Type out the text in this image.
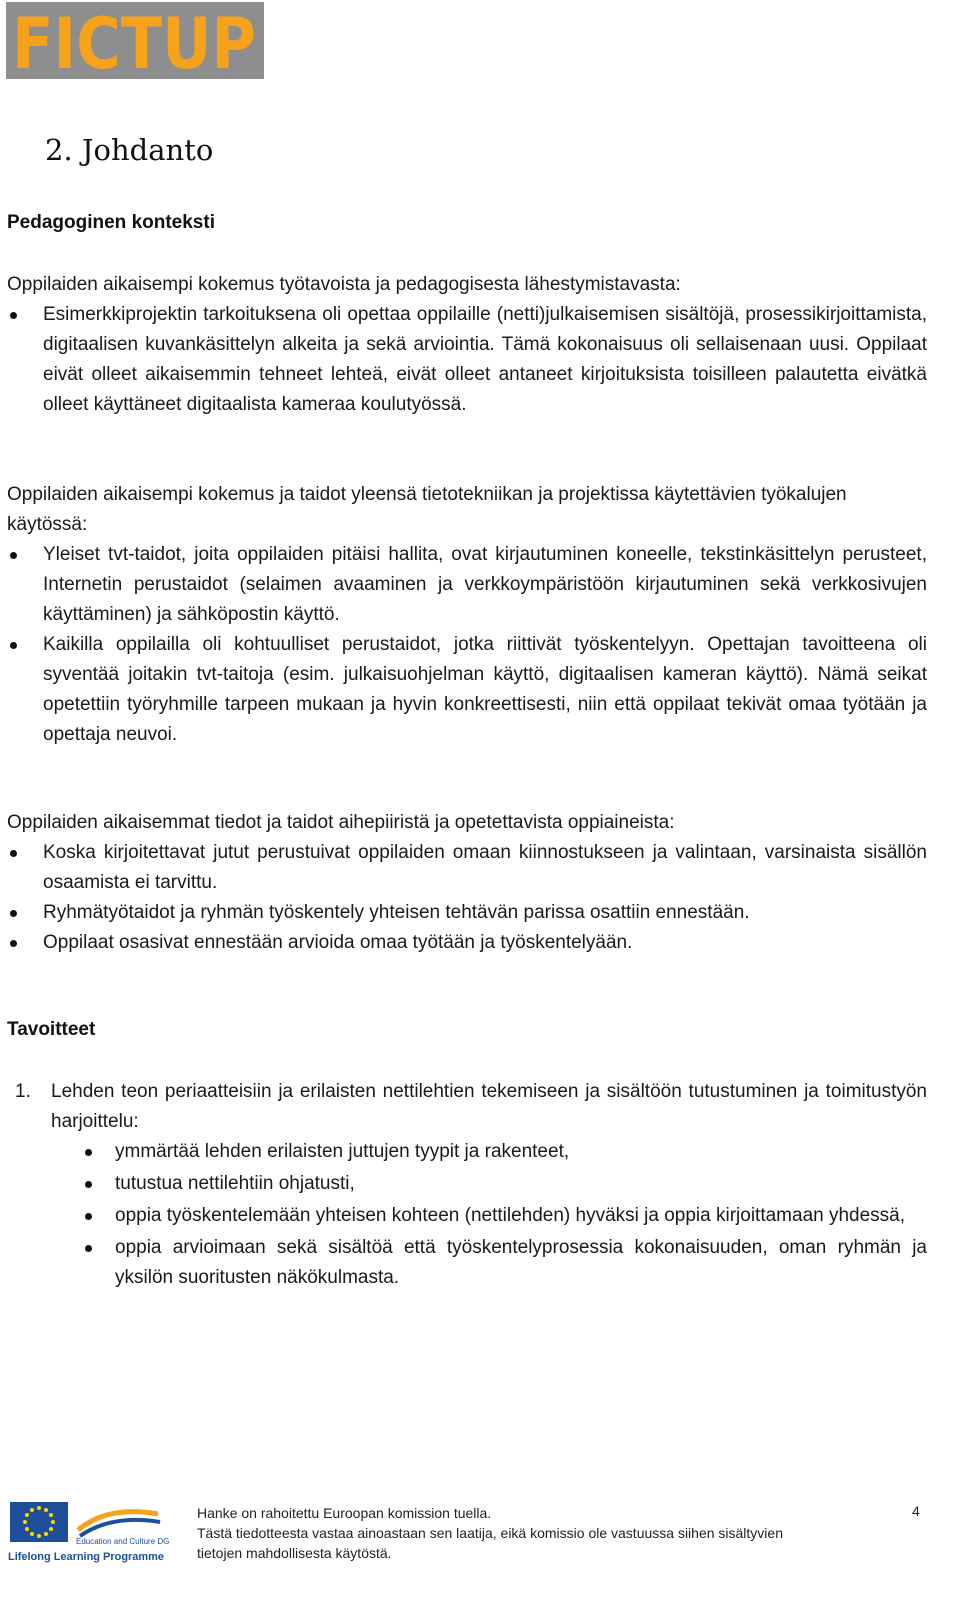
FICTUP
2. Johdanto
Pedagoginen konteksti

Oppilaiden aikaisempi kokemus työtavoista ja pedagogisesta lähestymistavasta:

Esimerkkiprojektin tarkoituksena oli opettaa oppilaille (netti)julkaisemisen sisältöjä, prosessikirjoittamista, digitaalisen kuvankäsittelyn alkeita ja sekä arviointia. Tämä kokonaisuus oli sellaisenaan uusi. Oppilaat eivät olleet aikaisemmin tehneet lehteä, eivät olleet antaneet kirjoituksista toisilleen palautetta eivätkä olleet käyttäneet digitaalista kameraa koulutyössä.

Oppilaiden aikaisempi kokemus ja taidot yleensä tietotekniikan ja projektissa käytettävien työkalujen käytössä:

Yleiset tvt-taidot, joita oppilaiden pitäisi hallita, ovat kirjautuminen koneelle, tekstinkäsittelyn perusteet, Internetin perustaidot (selaimen avaaminen ja verkkoympäristöön kirjautuminen sekä verkkosivujen käyttäminen) ja sähköpostin käyttö.
Kaikilla oppilailla oli kohtuulliset perustaidot, jotka riittivät työskentelyyn. Opettajan tavoitteena oli syventää joitakin tvt-taitoja (esim. julkaisuohjelman käyttö, digitaalisen kameran käyttö). Nämä seikat opetettiin työryhmille tarpeen mukaan ja hyvin konkreettisesti, niin että oppilaat tekivät omaa työtään ja opettaja neuvoi.

Oppilaiden aikaisemmat tiedot ja taidot aihepiiristä ja opetettavista oppiaineista:

Koska kirjoitettavat jutut perustuivat oppilaiden omaan kiinnostukseen ja valintaan, varsinaista sisällön osaamista ei tarvittu.
Ryhmätyötaidot ja ryhmän työskentely yhteisen tehtävän parissa osattiin ennestään.
Oppilaat osasivat ennestään arvioida omaa työtään ja työskentelyään.
Tavoitteet
1.	Lehden teon periaatteisiin ja erilaisten nettilehtien tekemiseen ja sisältöön tutustuminen ja toimitustyön harjoittelu:
ymmärtää lehden erilaisten juttujen tyypit ja rakenteet,
tutustua nettilehtiin ohjatusti,
oppia työskentelemään yhteisen kohteen (nettilehden) hyväksi ja oppia kirjoittamaan yhdessä,
oppia arvioimaan sekä sisältöä että työskentelyprosessia kokonaisuuden, oman ryhmän ja yksilön suoritusten näkökulmasta.
Education and Culture DG
Lifelong Learning Programme
Hanke on rahoitettu Euroopan komission tuella.
Tästä tiedotteesta vastaa ainoastaan sen laatija, eikä komissio ole vastuussa siihen sisältyvien
tietojen mahdollisesta käytöstä.
4
